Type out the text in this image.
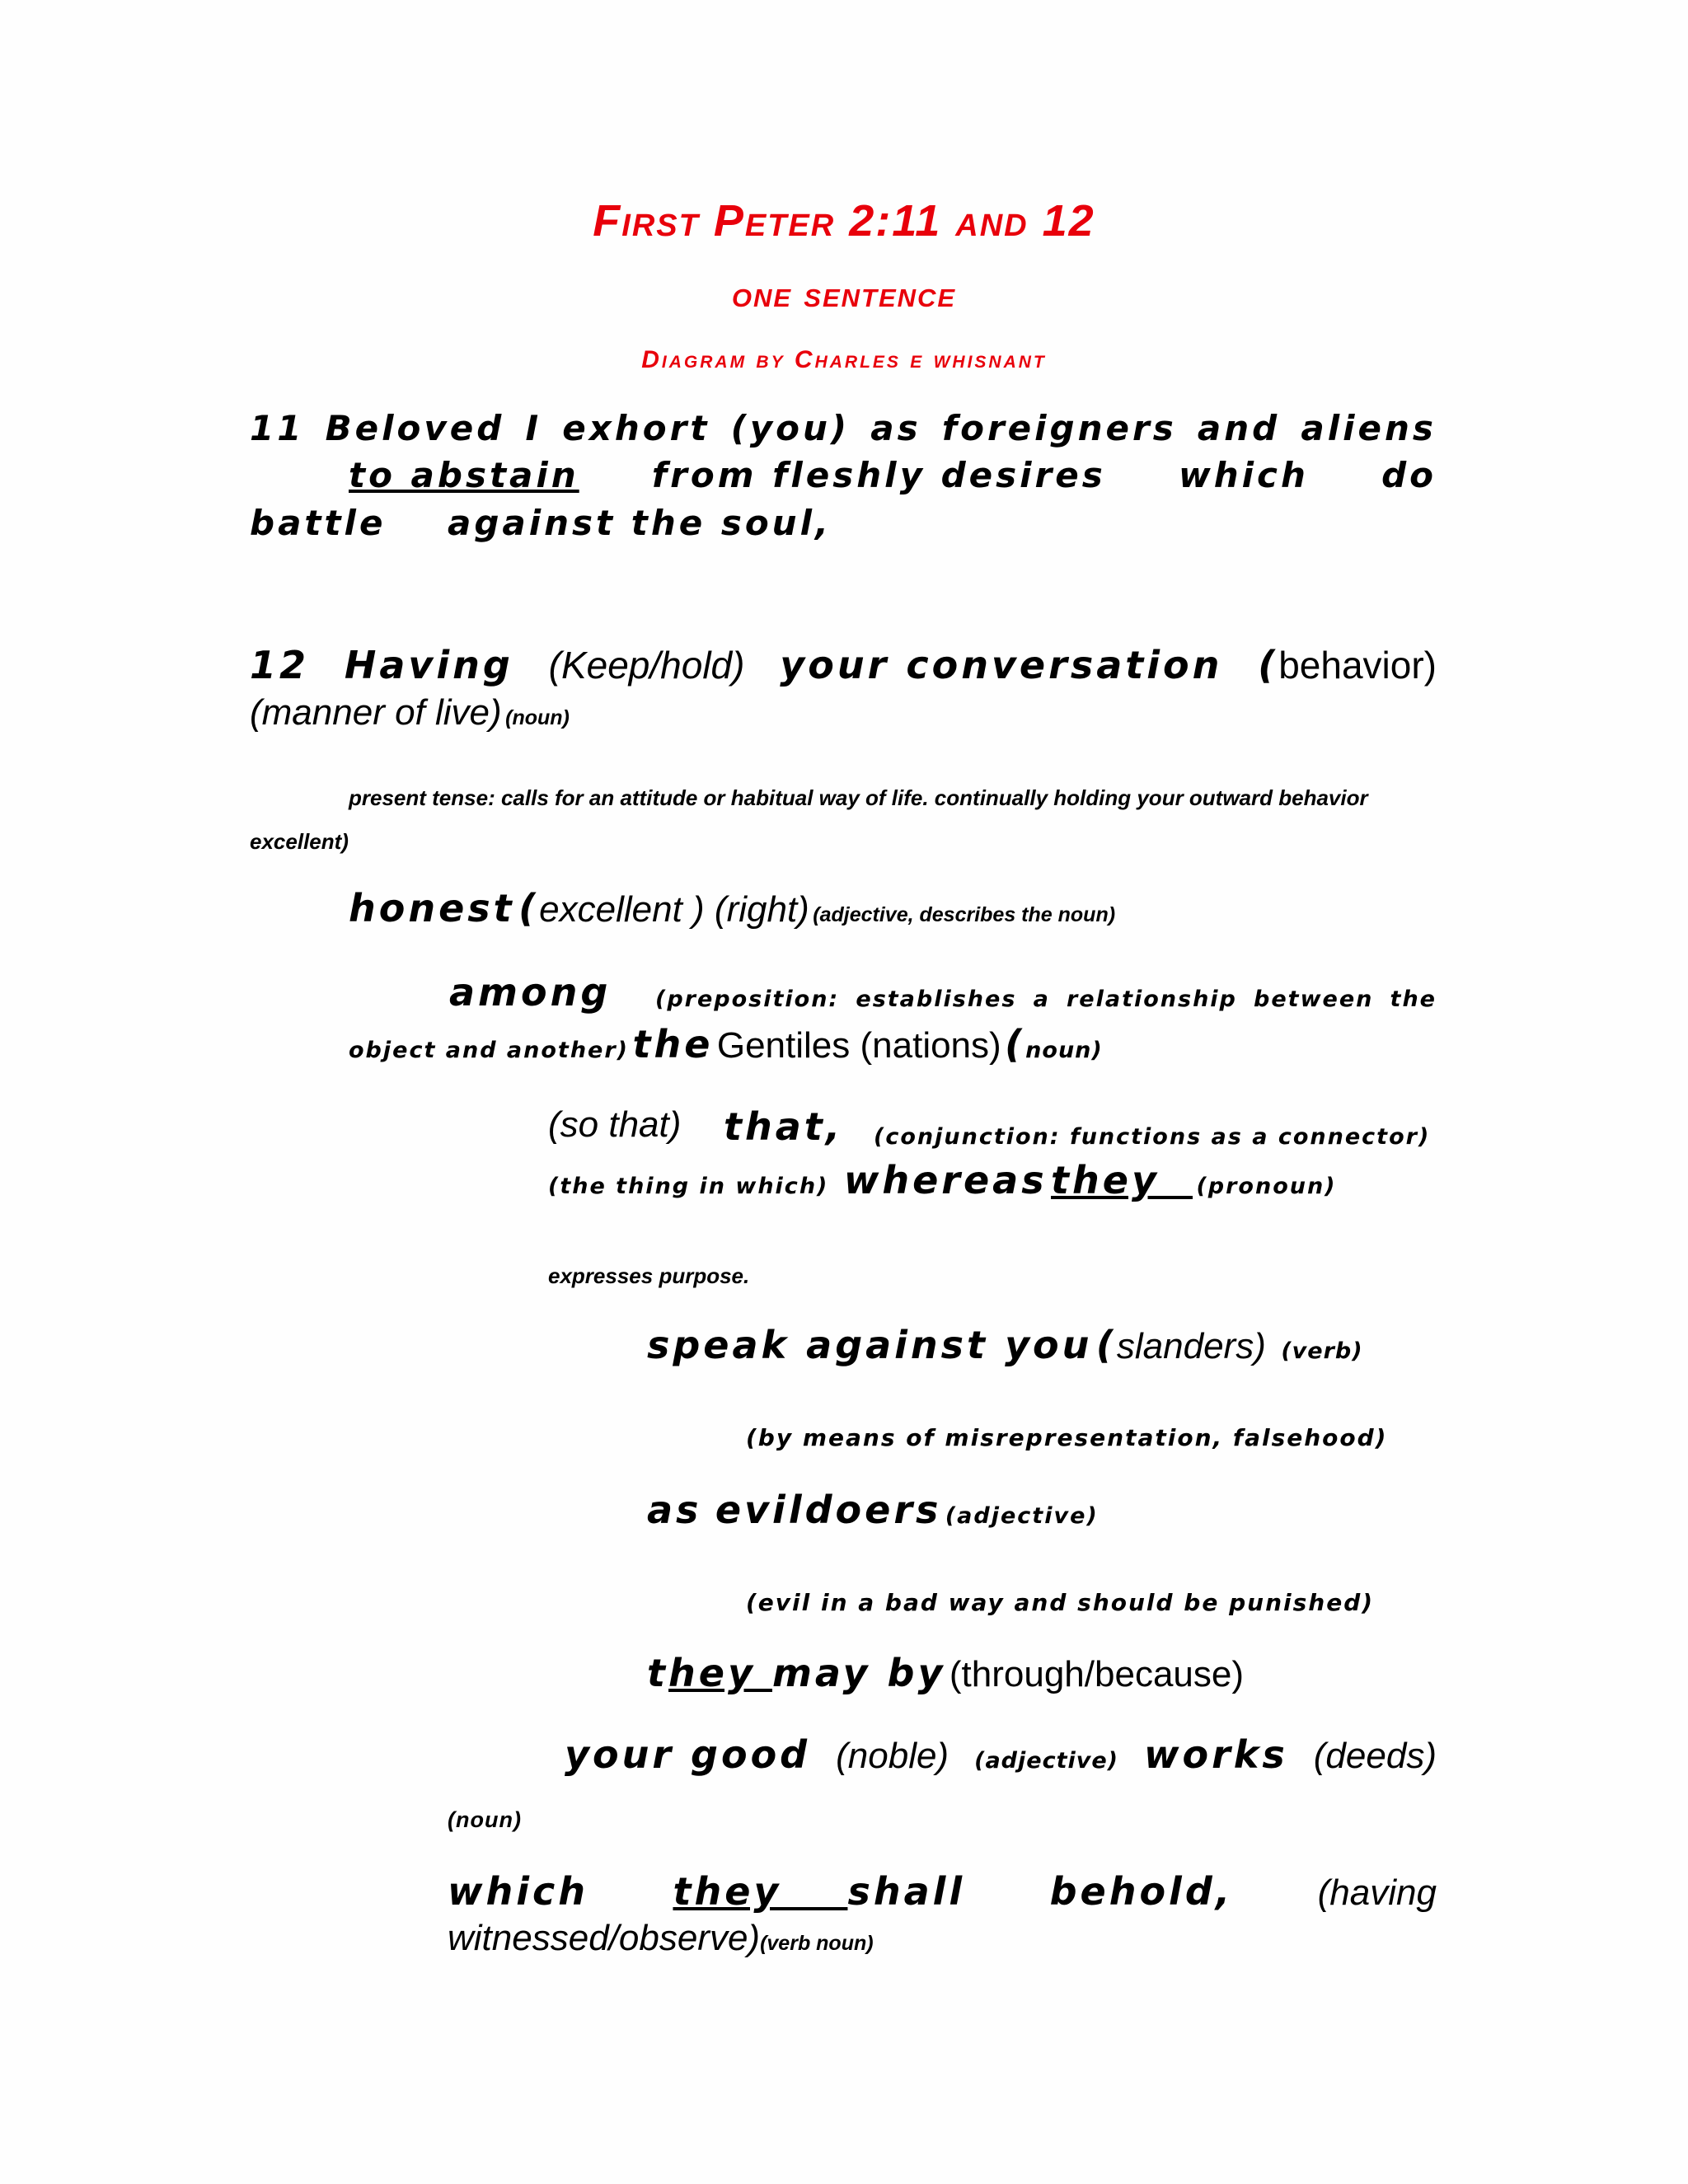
First Peter 2:11 and 12
one sentence
Diagram by Charles e whisnant
11 Beloved I exhort (you) as foreigners and aliens
to abstain from fleshly desires which do
battle against the soul,
12 Having (Keep/hold) your conversation (behavior)
(manner of live) (noun)
present tense: calls for an attitude or habitual way of life. continually holding your outward behavior
excellent)
honest (excellent ) (right) (adjective, describes the noun)
among (preposition: establishes a relationship between the
object and another) the Gentiles (nations) (noun)
(so that) that, (conjunction: functions as a connector)
(the thing in which) whereas they   (pronoun)
expresses purpose.
speak against you (slanders) (verb)
(by means of misrepresentation, falsehood)
as evildoers (adjective)
(evil in a bad way and should be punished)
they may by (through/because)
your good (noble) (adjective) works (deeds)
(noun)
which they    shall behold, (having
witnessed/observe)(verb noun)
